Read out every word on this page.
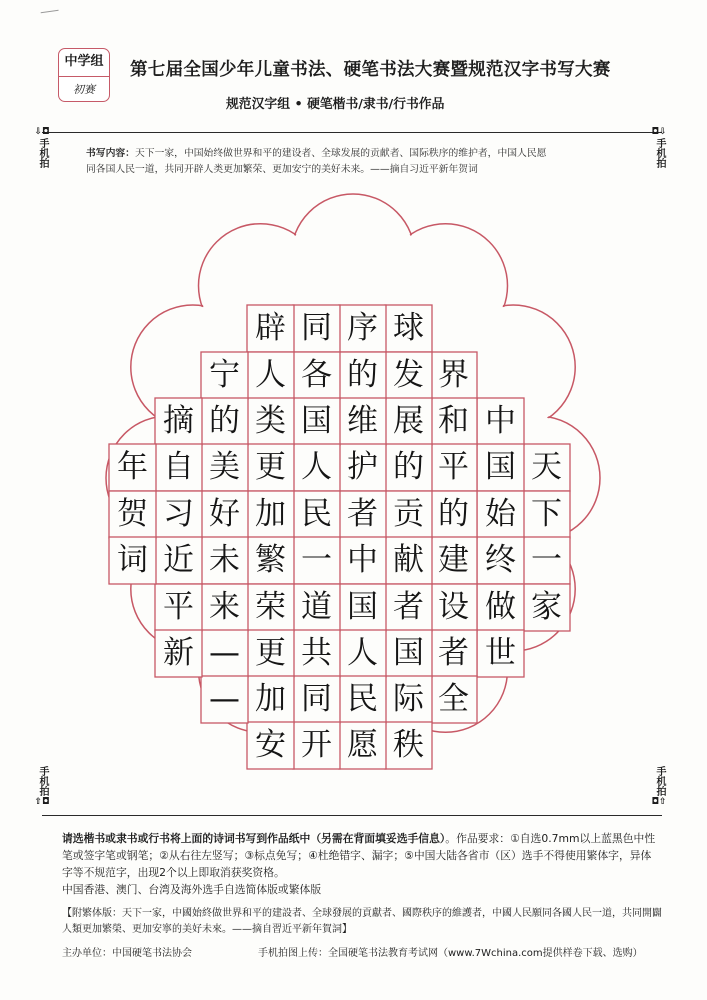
中学组
初赛
第七届全国少年儿童书法、硬笔书法大赛暨规范汉字书写大赛
规范汉字组 • 硬笔楷书/隶书/行书作品
⇩◘
手机拍
◘⇩
手机拍
手机拍
⇧◘
手机拍
◘⇧
书写内容：天下一家，中国始终做世界和平的建设者、全球发展的贡献者、国际秩序的维护者，中国人民愿
同各国人民一道，共同开辟人类更加繁荣、更加安宁的美好未来。——摘自习近平新年贺词
天
下
一
家
中
国
始
终
做
世
界
和
平
的
建
设
者
全
球
发
展
的
贡
献
者
国
际
秩
序
的
维
护
者
中
国
人
民
愿
同
各
国
人
民
一
道
共
同
开
辟
人
类
更
加
繁
荣
更
加
安
宁
的
美
好
未
来
—
—
摘
自
习
近
平
新
年
贺
词
请选楷书或隶书或行书将上面的诗词书写到作品纸中（另需在背面填妥选手信息）。作品要求：①自选0.7mm以上蓝黑色中性笔或签字笔或钢笔；②从右往左竖写；③标点免写；④杜绝错字、漏字；⑤中国大陆各省市（区）选手不得使用繁体字，异体字等不规范字，出现2个以上即取消获奖资格。
中国香港、澳门、台湾及海外选手自选简体版或繁体版
【附繁体版：天下一家，中國始終做世界和平的建設者、全球發展的貢獻者、國際秩序的維護者，中國人民願同各國人民一道，共同開闢人類更加繁榮、更加安寧的美好未來。——摘自習近平新年賀詞】
主办单位：中国硬笔书法协会	手机拍图上传：全国硬笔书法教育考试网（www.7Wchina.com提供样卷下载、选购）
